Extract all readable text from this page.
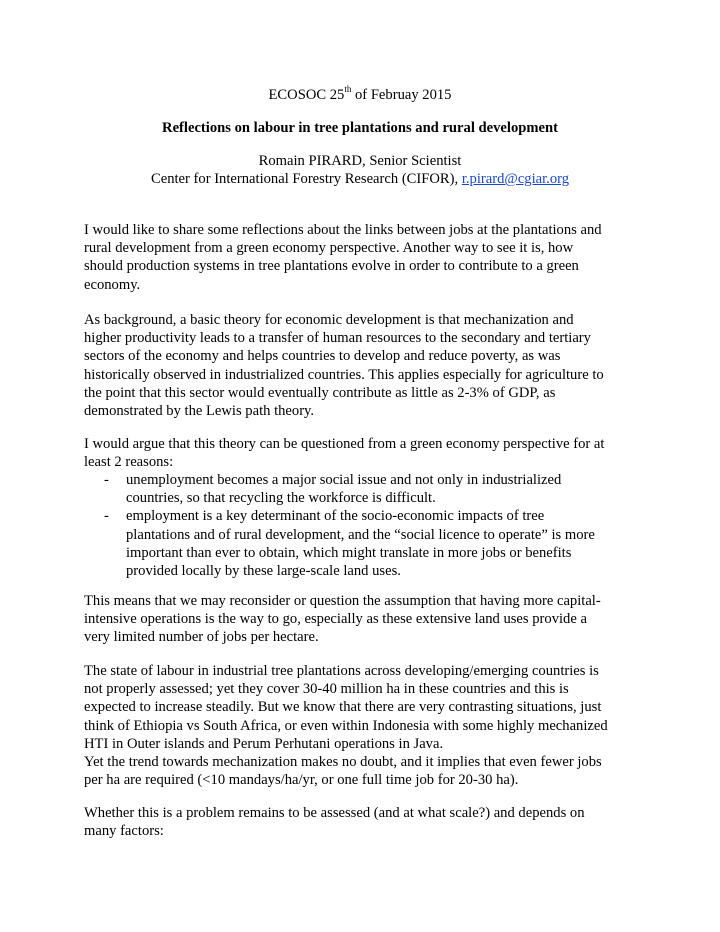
ECOSOC 25th of Februay 2015
Reflections on labour in tree plantations and rural development
Romain PIRARD, Senior Scientist
Center for International Forestry Research (CIFOR), r.pirard@cgiar.org

I would like to share some reflections about the links between jobs at the plantations and
rural development from a green economy perspective. Another way to see it is, how
should production systems in tree plantations evolve in order to contribute to a green
economy.

As background, a basic theory for economic development is that mechanization and
higher productivity leads to a transfer of human resources to the secondary and tertiary
sectors of the economy and helps countries to develop and reduce poverty, as was
historically observed in industrialized countries. This applies especially for agriculture to
the point that this sector would eventually contribute as little as 2-3% of GDP, as
demonstrated by the Lewis path theory.

I would argue that this theory can be questioned from a green economy perspective for at
least 2 reasons:

- unemployment becomes a major social issue and not only in industrialized
countries, so that recycling the workforce is difficult.
- employment is a key determinant of the socio-economic impacts of tree
plantations and of rural development, and the “social licence to operate” is more
important than ever to obtain, which might translate in more jobs or benefits
provided locally by these large-scale land uses.

This means that we may reconsider or question the assumption that having more capital-
intensive operations is the way to go, especially as these extensive land uses provide a
very limited number of jobs per hectare.

The state of labour in industrial tree plantations across developing/emerging countries is
not properly assessed; yet they cover 30-40 million ha in these countries and this is
expected to increase steadily. But we know that there are very contrasting situations, just
think of Ethiopia vs South Africa, or even within Indonesia with some highly mechanized
HTI in Outer islands and Perum Perhutani operations in Java.
Yet the trend towards mechanization makes no doubt, and it implies that even fewer jobs
per ha are required (<10 mandays/ha/yr, or one full time job for 20-30 ha).

Whether this is a problem remains to be assessed (and at what scale?) and depends on
many factors:
